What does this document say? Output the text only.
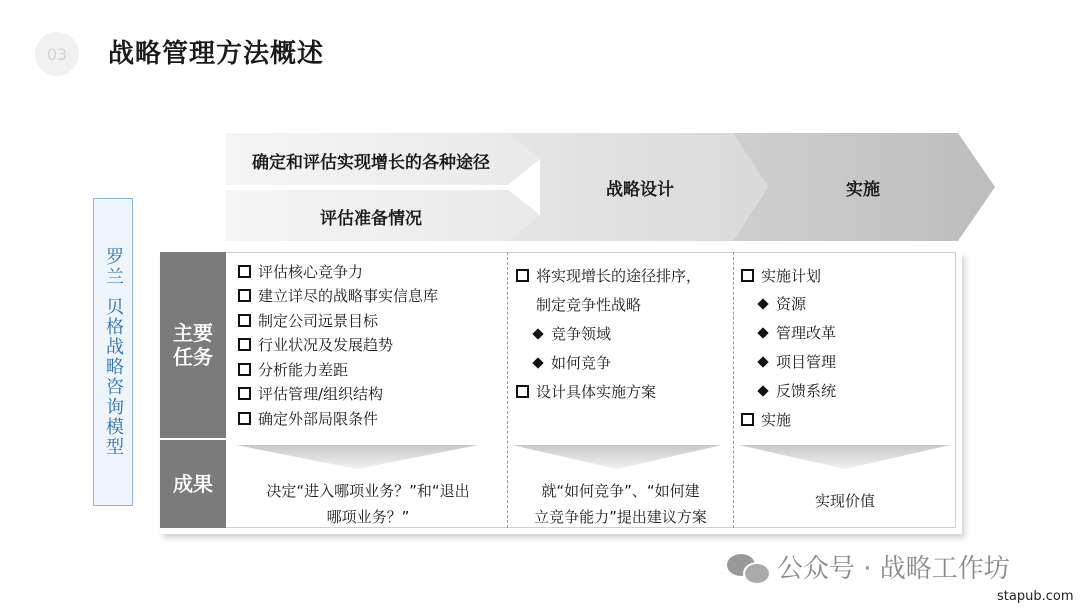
03	战略管理方法概述
罗兰
贝格战略咨询模型
确定和评估实现增长的各种途径
评估准备情况
战略设计	实施
主要任务
成果
评估核心竞争力
建立详尽的战略事实信息库
制定公司远景目标
行业状况及发展趋势
分析能力差距
评估管理/组织结构
确定外部局限条件
将实现增长的途径排序，
制定竞争性战略
竞争领域
如何竞争
设计具体实施方案
实施计划
资源
管理改革
项目管理
反馈系统
实施
决定“进入哪项业务？”和“退出
哪项业务？”
就“如何竞争”、“如何建
立竞争能力”提出建议方案
实现价值
公众号 · 战略工作坊
stapub.com
